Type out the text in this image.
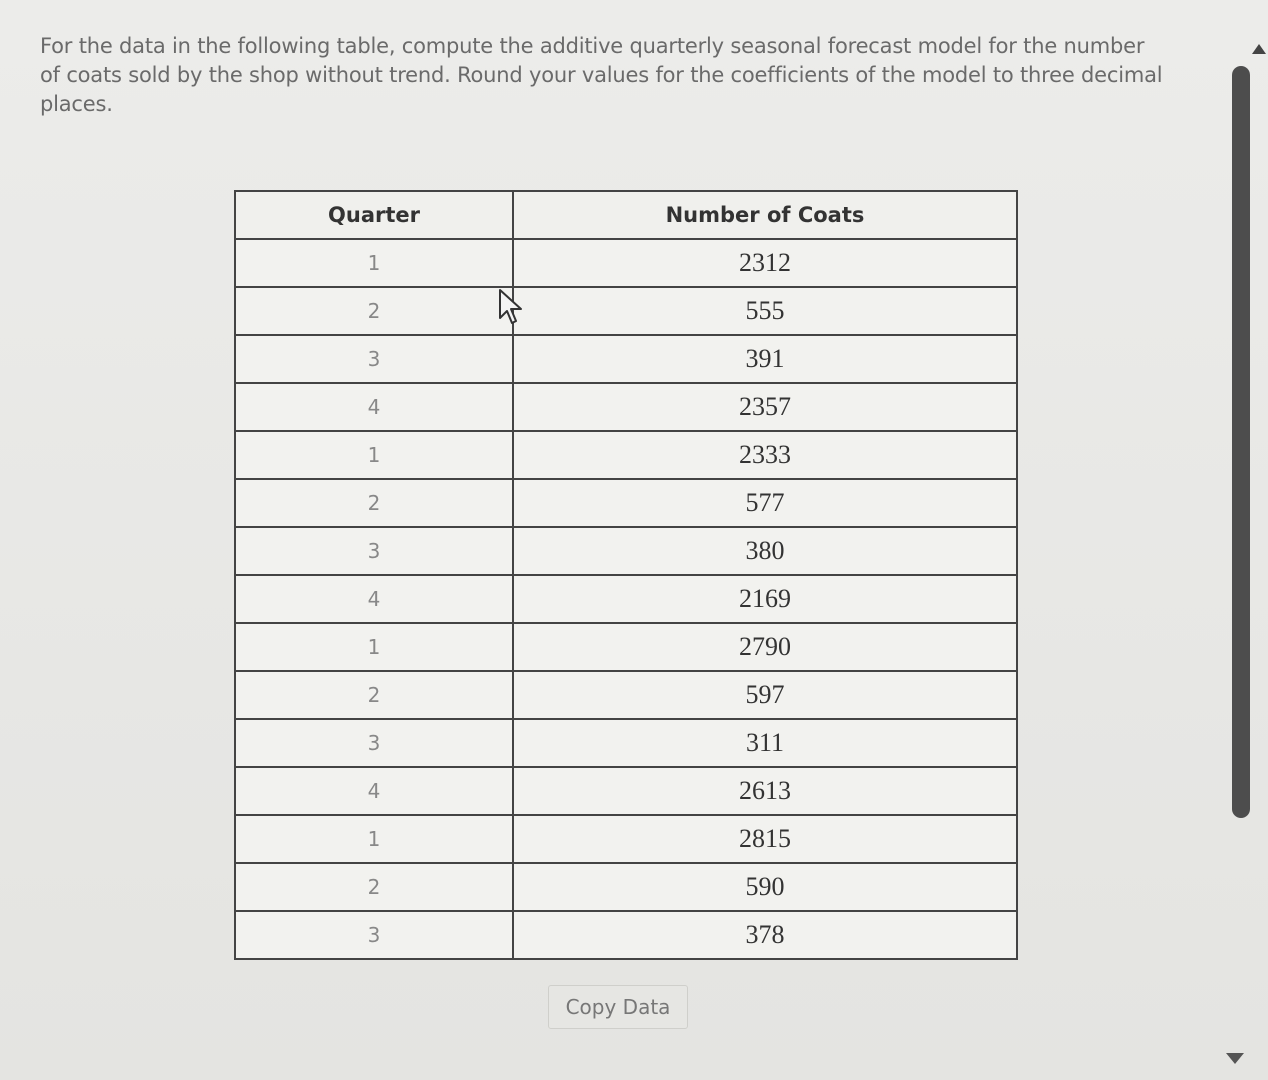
For the data in the following table, compute the additive quarterly seasonal forecast model for the number of coats sold by the shop without trend. Round your values for the coefficients of the model to three decimal places.
Quarter	Number of Coats
1	2312
2	555
3	391
4	2357
1	2333
2	577
3	380
4	2169
1	2790
2	597
3	311
4	2613
1	2815
2	590
3	378
Copy Data
